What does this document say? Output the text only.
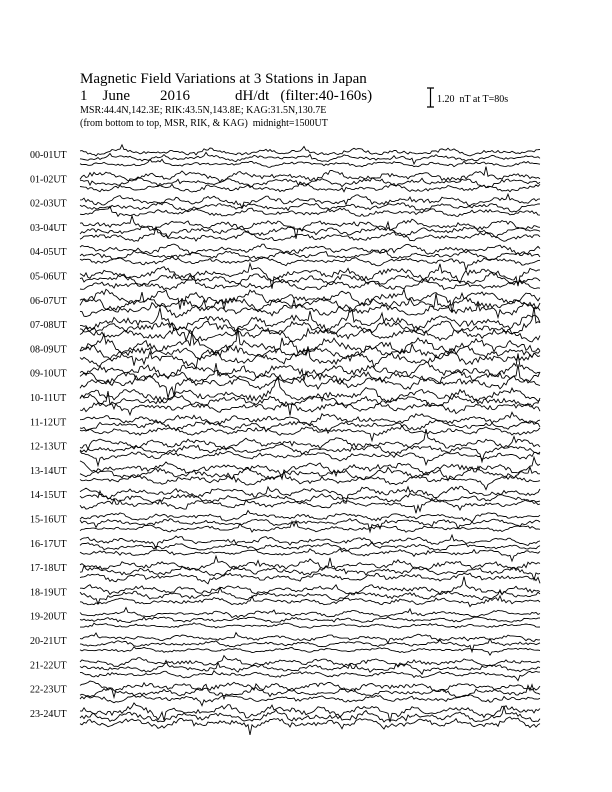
Magnetic Field Variations at 3 Stations in Japan
1 June 2016	dH/dt (filter:40-160s)
MSR:44.4N,142.3E; RIK:43.5N,143.8E; KAG:31.5N,130.7E
(from bottom to top, MSR, RIK, & KAG) midnight=1500UT
1.20  nT at T=80s
00-01UT
01-02UT
02-03UT
03-04UT
04-05UT
05-06UT
06-07UT
07-08UT
08-09UT
09-10UT
10-11UT
11-12UT
12-13UT
13-14UT
14-15UT
15-16UT
16-17UT
17-18UT
18-19UT
19-20UT
20-21UT
21-22UT
22-23UT
23-24UT
